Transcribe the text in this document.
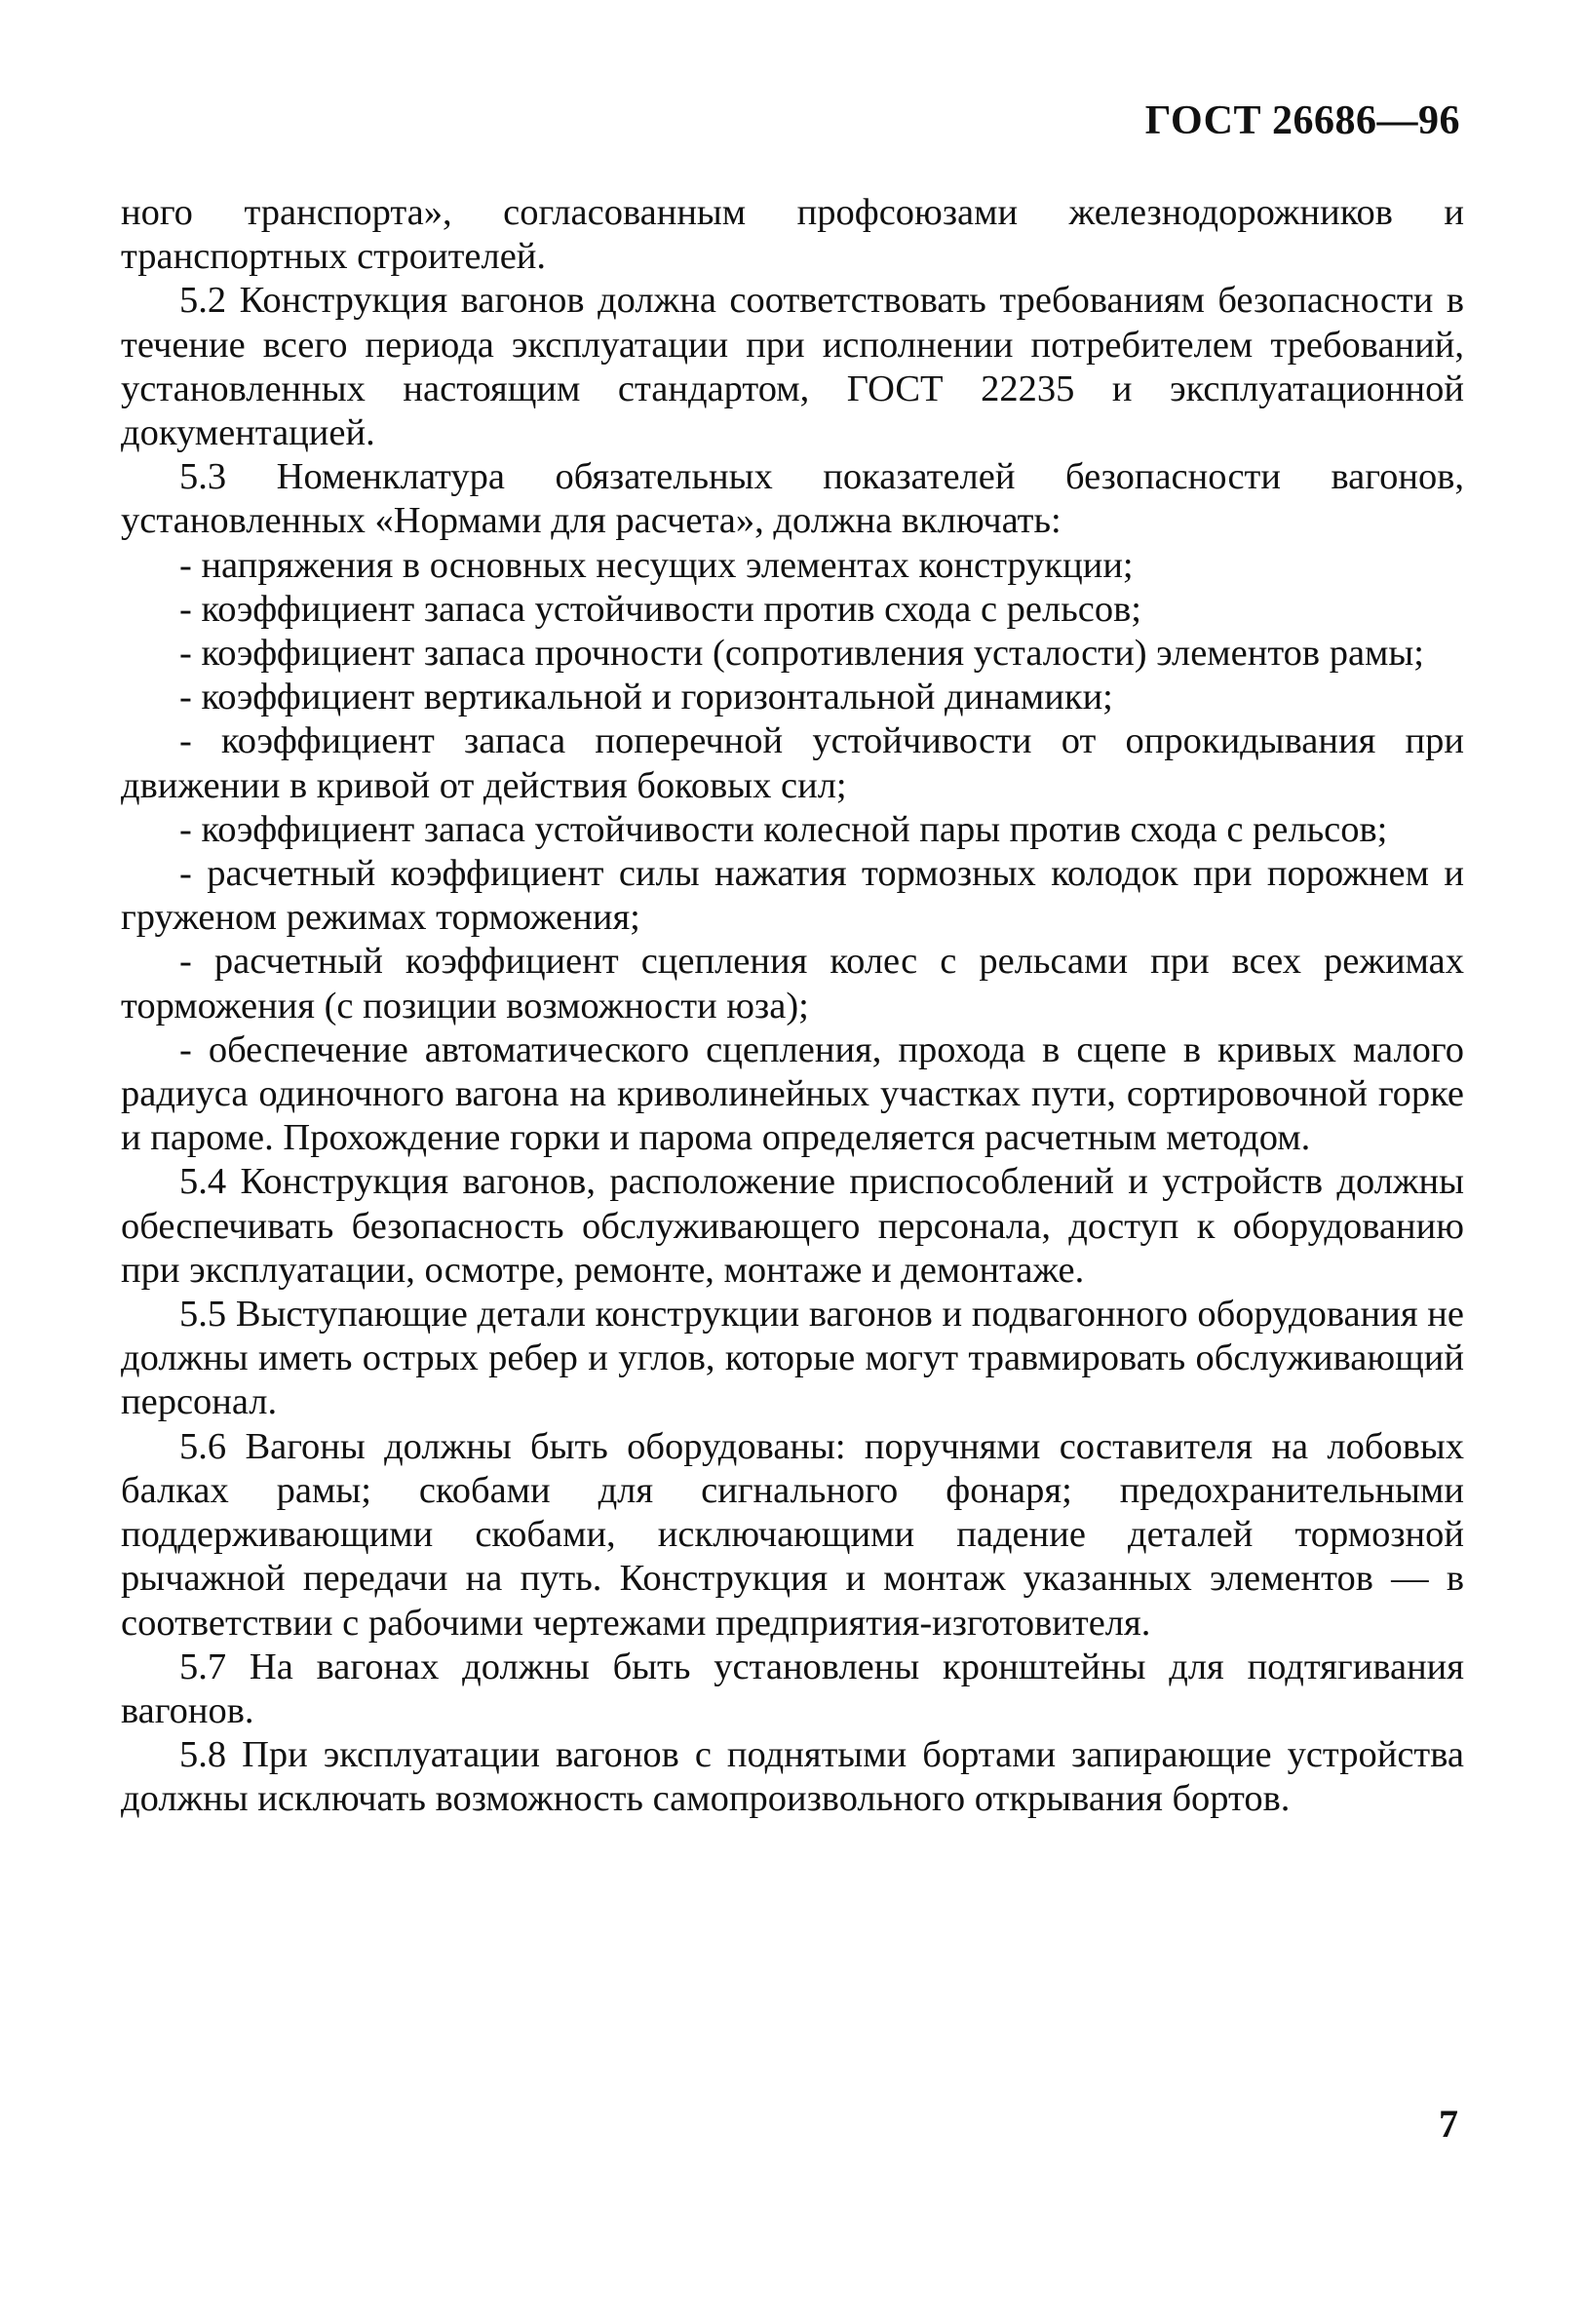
ГОСТ 26686—96

ного транспорта», согласованным профсоюзами железнодорожников и транспортных строителей.

5.2 Конструкция вагонов должна соответствовать требованиям безопасности в течение всего периода эксплуатации при исполнении потребителем требований, установленных настоящим стандартом, ГОСТ 22235 и эксплуатационной документацией.

5.3 Номенклатура обязательных показателей безопасности вагонов, установленных «Нормами для расчета», должна включать:

- напряжения в основных несущих элементах конструкции;

- коэффициент запаса устойчивости против схода с рельсов;

- коэффициент запаса прочности (сопротивления усталости) элементов рамы;

- коэффициент вертикальной и горизонтальной динамики;

- коэффициент запаса поперечной устойчивости от опрокидывания при движении в кривой от действия боковых сил;

- коэффициент запаса устойчивости колесной пары против схода с рельсов;

- расчетный коэффициент силы нажатия тормозных колодок при порожнем и груженом режимах торможения;

- расчетный коэффициент сцепления колес с рельсами при всех режимах торможения (с позиции возможности юза);

- обеспечение автоматического сцепления, прохода в сцепе в кривых малого радиуса одиночного вагона на криволинейных участках пути, сортировочной горке и пароме. Прохождение горки и парома определяется расчетным методом.

5.4 Конструкция вагонов, расположение приспособлений и устройств должны обеспечивать безопасность обслуживающего персонала, доступ к оборудованию при эксплуатации, осмотре, ремонте, монтаже и демонтаже.

5.5 Выступающие детали конструкции вагонов и подвагонного оборудования не должны иметь острых ребер и углов, которые могут травмировать обслуживающий персонал.

5.6 Вагоны должны быть оборудованы: поручнями составителя на лобовых балках рамы; скобами для сигнального фонаря; предохранительными поддерживающими скобами, исключающими падение деталей тормозной рычажной передачи на путь. Конструкция и монтаж указанных элементов — в соответствии с рабочими чертежами предприятия-изготовителя.

5.7 На вагонах должны быть установлены кронштейны для подтягивания вагонов.

5.8 При эксплуатации вагонов с поднятыми бортами запирающие устройства должны исключать возможность самопроизвольного открывания бортов.

7
